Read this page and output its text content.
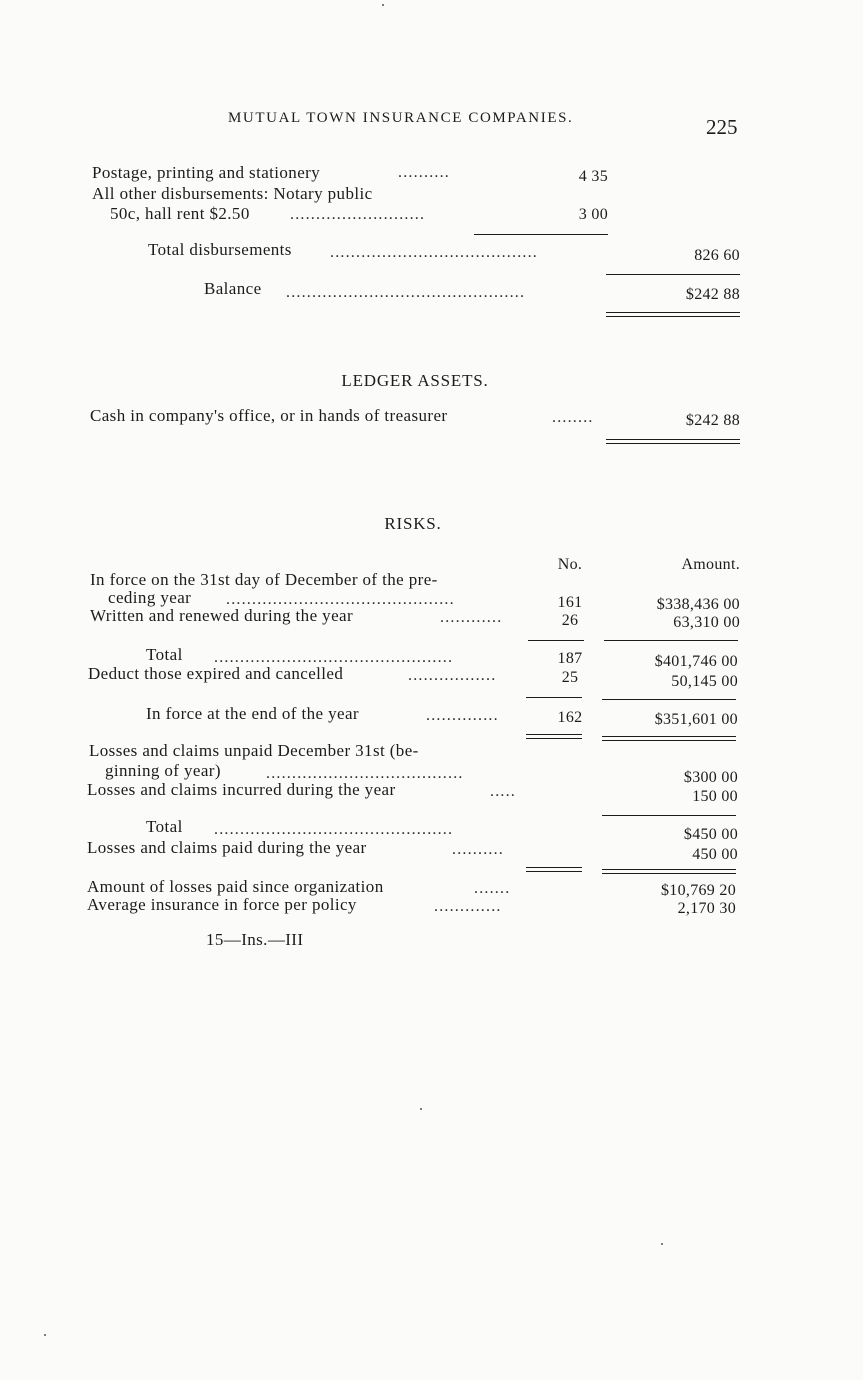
MUTUAL TOWN INSURANCE COMPANIES.	225
Postage, printing and stationery	..........	4 35
All other disbursements: Notary public
50c, hall rent $2.50	..........................	3 00
Total disbursements ........................................	826 60
Balance ..............................................	$242 88
LEDGER ASSETS.
Cash in company's office, or in hands of treasurer	........	$242 88
RISKS.
No.	Amount.
In force on the 31st day of December of the pre-
ceding year ............................................	161	$338,436 00
Written and renewed during the year	............	26	63,310 00
Total ..............................................	187	$401,746 00
Deduct those expired and cancelled	.................	25	50,145 00
In force at the end of the year	..............	162	$351,601 00
Losses and claims unpaid December 31st (be-
ginning of year)	......................................	$300 00
Losses and claims incurred during the year	.....	150 00
Total ..............................................	$450 00
Losses and claims paid during the year	..........	450 00
Amount of losses paid since organization	.......	$10,769 20
Average insurance in force per policy	.............	2,170 30
15—Ins.—III
